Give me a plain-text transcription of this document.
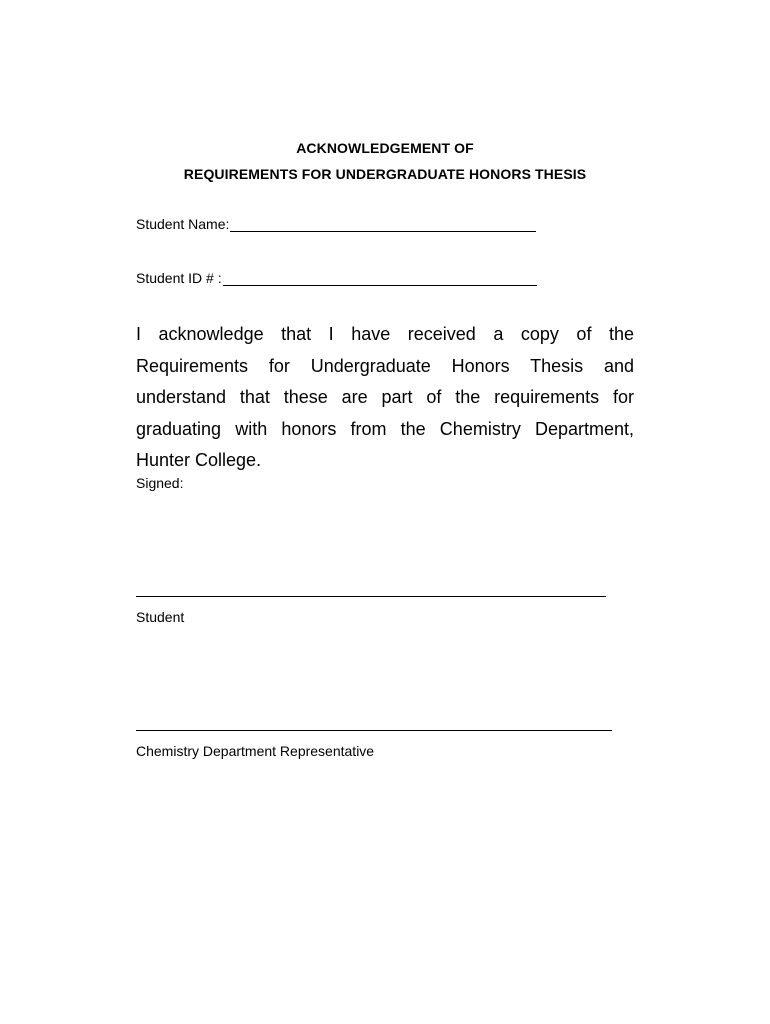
ACKNOWLEDGEMENT OF
REQUIREMENTS FOR UNDERGRADUATE HONORS THESIS
Student Name:
Student ID # :
I acknowledge that I have received a copy of the Requirements for Undergraduate Honors Thesis and understand that these are part of the requirements for graduating with honors from the Chemistry Department, Hunter College.
Signed:
Student
Chemistry Department Representative
